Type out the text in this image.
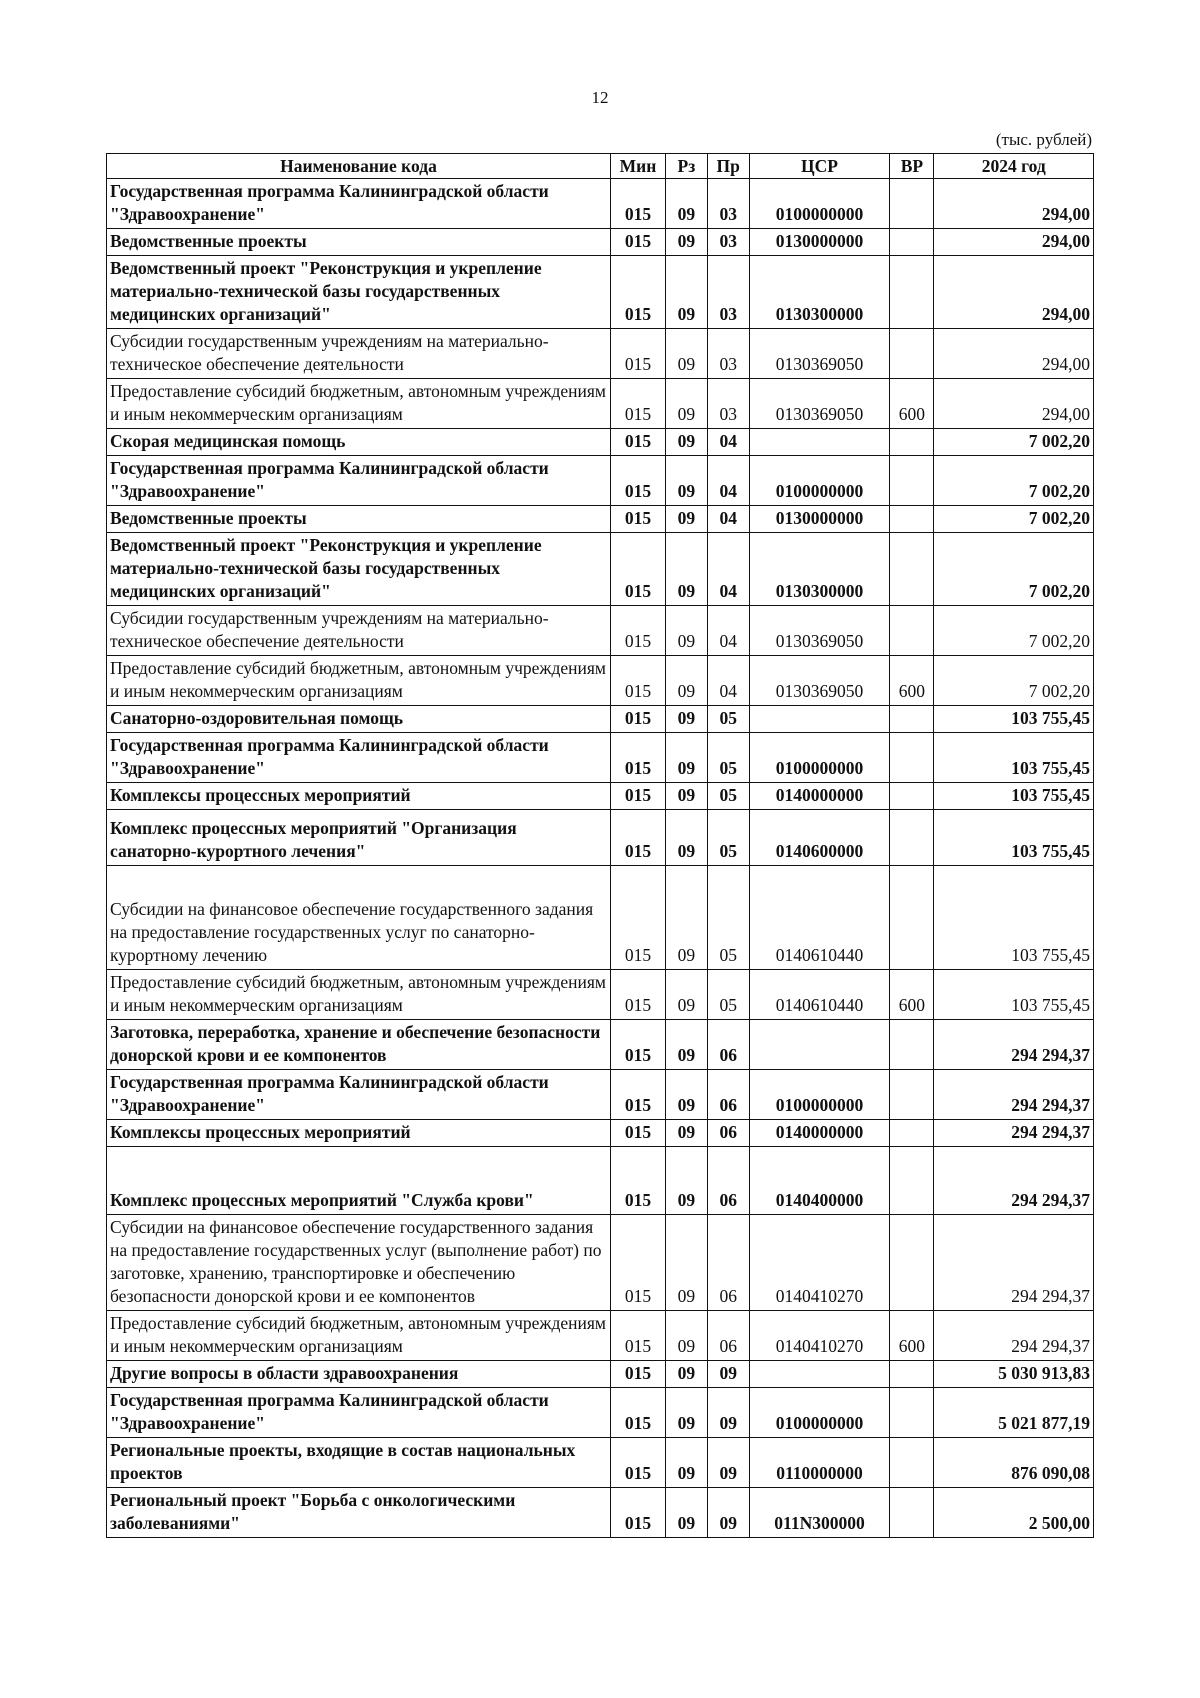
12
(тыс. рублей)
Наименование кода	Мин	Рз	Пр	ЦСР	ВР	2024 год
Государственная программа Калининградской области "Здравоохранение"	015	09	03	0100000000		294,00
Ведомственные проекты	015	09	03	0130000000		294,00
Ведомственный проект "Реконструкция и укрепление материально-технической базы государственных медицинских организаций"	015	09	03	0130300000		294,00
Субсидии государственным учреждениям на материально-техническое обеспечение деятельности	015	09	03	0130369050		294,00
Предоставление субсидий бюджетным, автономным учреждениям и иным некоммерческим организациям	015	09	03	0130369050	600	294,00
Скорая медицинская помощь	015	09	04			7 002,20
Государственная программа Калининградской области "Здравоохранение"	015	09	04	0100000000		7 002,20
Ведомственные проекты	015	09	04	0130000000		7 002,20
Ведомственный проект "Реконструкция и укрепление материально-технической базы государственных медицинских организаций"	015	09	04	0130300000		7 002,20
Субсидии государственным учреждениям на материально-техническое обеспечение деятельности	015	09	04	0130369050		7 002,20
Предоставление субсидий бюджетным, автономным учреждениям и иным некоммерческим организациям	015	09	04	0130369050	600	7 002,20
Санаторно-оздоровительная помощь	015	09	05			103 755,45
Государственная программа Калининградской области "Здравоохранение"	015	09	05	0100000000		103 755,45
Комплексы процессных мероприятий	015	09	05	0140000000		103 755,45
Комплекс процессных мероприятий "Организация санаторно-курортного лечения"	015	09	05	0140600000		103 755,45
Субсидии на финансовое обеспечение государственного задания на предоставление государственных услуг по санаторно-курортному лечению	015	09	05	0140610440		103 755,45
Предоставление субсидий бюджетным, автономным учреждениям и иным некоммерческим организациям	015	09	05	0140610440	600	103 755,45
Заготовка, переработка, хранение и обеспечение безопасности донорской крови и ее компонентов	015	09	06			294 294,37
Государственная программа Калининградской области "Здравоохранение"	015	09	06	0100000000		294 294,37
Комплексы процессных мероприятий	015	09	06	0140000000		294 294,37
Комплекс процессных мероприятий "Служба крови"	015	09	06	0140400000		294 294,37
Субсидии на финансовое обеспечение государственного задания на предоставление государственных услуг (выполнение работ) по заготовке, хранению, транспортировке и обеспечению безопасности донорской крови и ее компонентов	015	09	06	0140410270		294 294,37
Предоставление субсидий бюджетным, автономным учреждениям и иным некоммерческим организациям	015	09	06	0140410270	600	294 294,37
Другие вопросы в области здравоохранения	015	09	09			5 030 913,83
Государственная программа Калининградской области "Здравоохранение"	015	09	09	0100000000		5 021 877,19
Региональные проекты, входящие в состав национальных проектов	015	09	09	0110000000		876 090,08
Региональный проект "Борьба с онкологическими заболеваниями"	015	09	09	011N300000		2 500,00
